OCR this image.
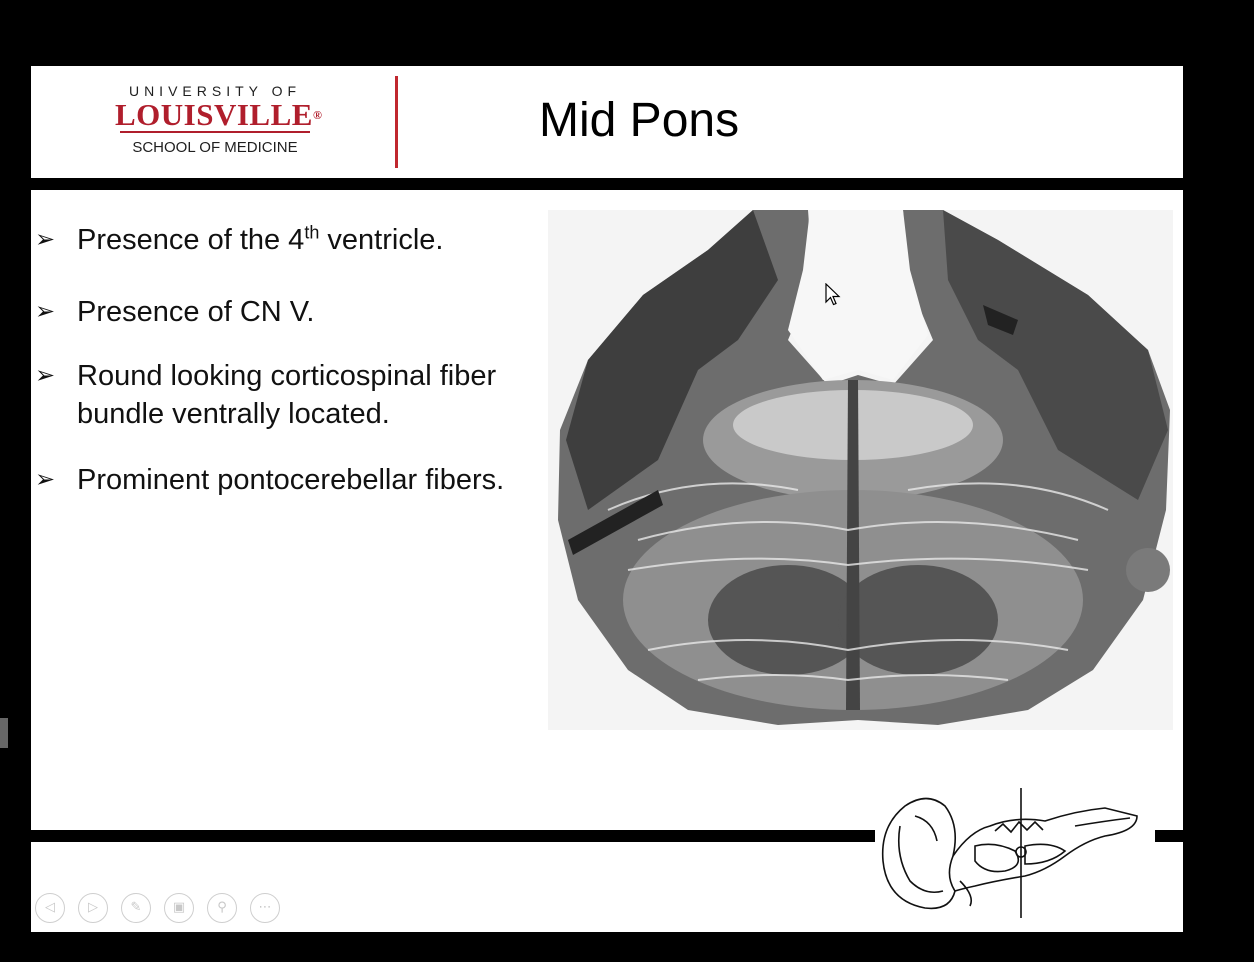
UNIVERSITY OF
LOUISVILLE®
SCHOOL OF MEDICINE
Mid Pons
➢ Presence of the 4th ventricle.
➢ Presence of CN V.
➢ Round looking corticospinal fiber
bundle ventrally located.
➢ Prominent pontocerebellar fibers.
◁	▷	✎	▣	⚲	⋯
